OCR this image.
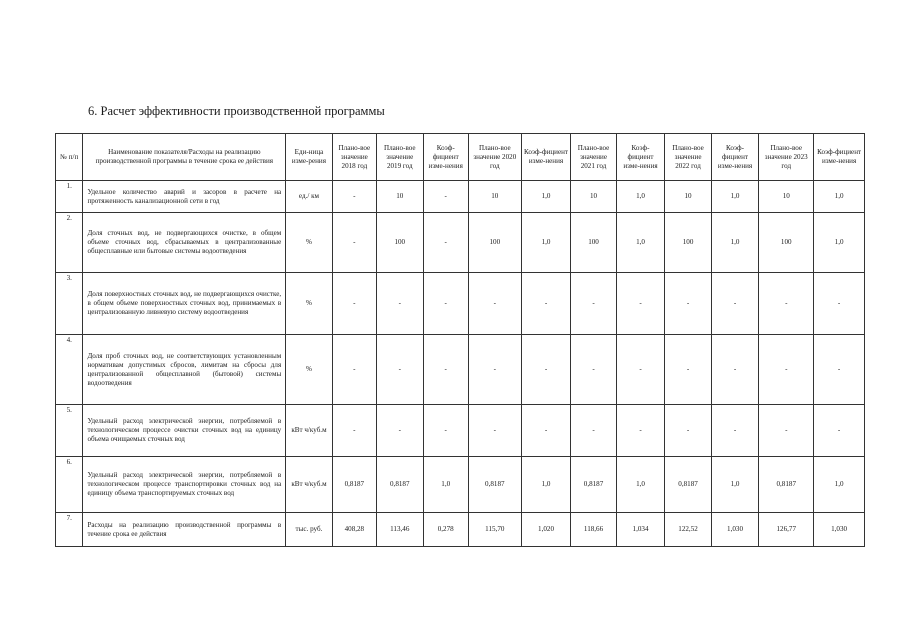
6. Расчет эффективности производственной программы
№ п/п	Наименование показателя/Расходы на реализацию производственной программы в течение срока ее действия	Еди-ница изме-рения	Плано-вое значение 2018 год	Плано-вое значение 2019 год	Коэф-фициент изме-нения	Плано-вое значение 2020 год	Коэф-фициент изме-нения	Плано-вое значение 2021 год	Коэф-фициент изме-нения	Плано-вое значение 2022 год	Коэф-фициент изме-нения	Плано-вое значение 2023 год	Коэф-фициент изме-нения
1.	Удельное количество аварий и засоров в расчете на протяженность канализационной сети в год	ед./ км	-	10	-	10	1,0	10	1,0	10	1,0	10	1,0
2.	Доля сточных вод, не подвергающихся очистке, в общем объеме сточных вод, сбрасываемых в централизованные общесплавные или бытовые системы водоотведения	%	-	100	-	100	1,0	100	1,0	100	1,0	100	1,0
3.	Доля поверхностных сточных вод, не подвергающихся очистке, в общем объеме поверхностных сточных вод, принимаемых в централизованную ливневую систему водоотведения	%	-	-	-	-	-	-	-	-	-	-	-
4.	Доля проб сточных вод, не соответствующих установленным нормативам допустимых сбросов, лимитам на сбросы для централизованной общесплавной (бытовой) системы водоотведения	%	-	-	-	-	-	-	-	-	-	-	-
5.	Удельный расход электрической энергии, потребляемой в технологическом процессе очистки сточных вод на единицу объема очищаемых сточных вод	кВт ч/куб.м	-	-	-	-	-	-	-	-	-	-	-
6.	Удельный расход электрической энергии, потребляемой в технологическом процессе транспортировки сточных вод на единицу объема транспортируемых сточных вод	кВт ч/куб.м	0,8187	0,8187	1,0	0,8187	1,0	0,8187	1,0	0,8187	1,0	0,8187	1,0
7.	Расходы на реализацию производственной программы в течение срока ее действия	тыс. руб.	408,28	113,46	0,278	115,70	1,020	118,66	1,034	122,52	1,030	126,77	1,030
